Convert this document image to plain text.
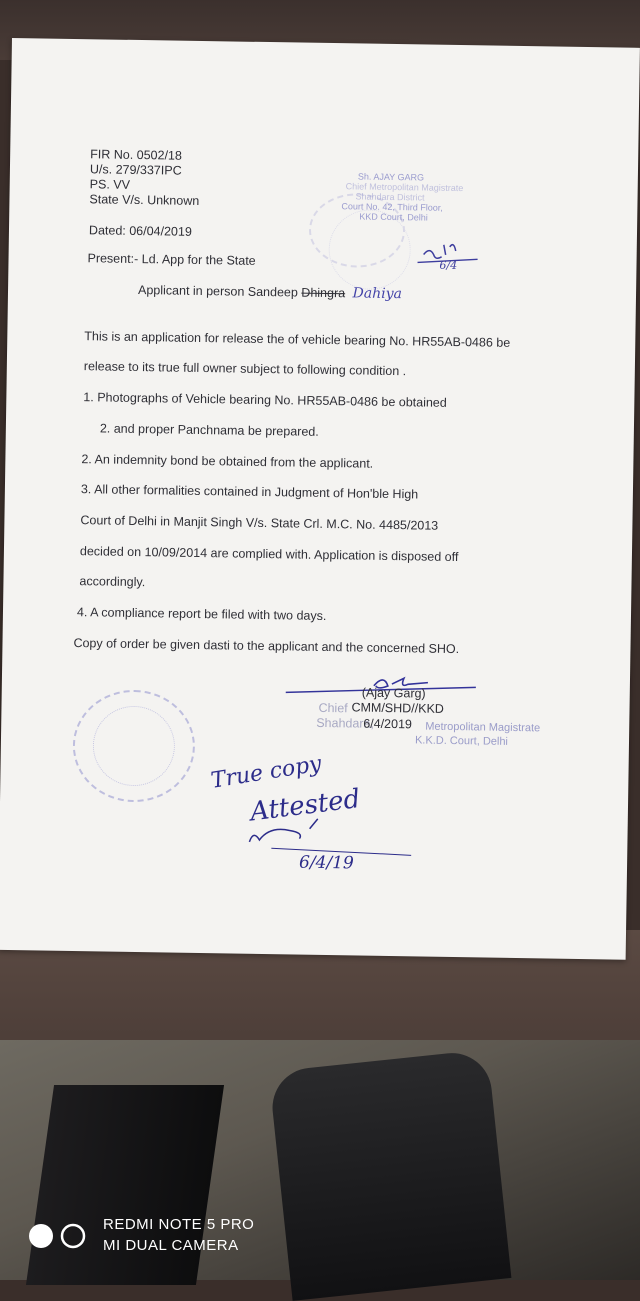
FIR No. 0502/18
U/s. 279/337IPC
PS. VV
State V/s. Unknown
Dated: 06/04/2019
Present:- Ld. App for the State
Applicant in person Sandeep Dhingra Dahiya
Sh. AJAY GARG
Chief Metropolitan Magistrate
Shahdara District
Court No. 42, Third Floor,
KKD Court, Delhi
6/4
This is an application for release the of vehicle bearing No. HR55AB-0486 be
release to its true full owner subject to following condition .
1. Photographs of Vehicle bearing No. HR55AB-0486 be obtained
2. and proper Panchnama be prepared.
2. An indemnity bond be obtained from the applicant.
3. All other formalities contained in Judgment of Hon'ble High
Court of Delhi in Manjit Singh V/s. State Crl. M.C. No. 4485/2013
decided on 10/09/2014 are complied with. Application is disposed off
accordingly.
4. A compliance report be filed with two days.
Copy of order be given dasti to the applicant and the concerned SHO.
(Ajay Garg)
Chief CMM/SHD//KKD
Shahdara,
6/4/2019 Metropolitan Magistrate
K.K.D. Court, Delhi
True copy
Attested
6/4/19
REDMI NOTE 5 PRO
MI DUAL CAMERA
